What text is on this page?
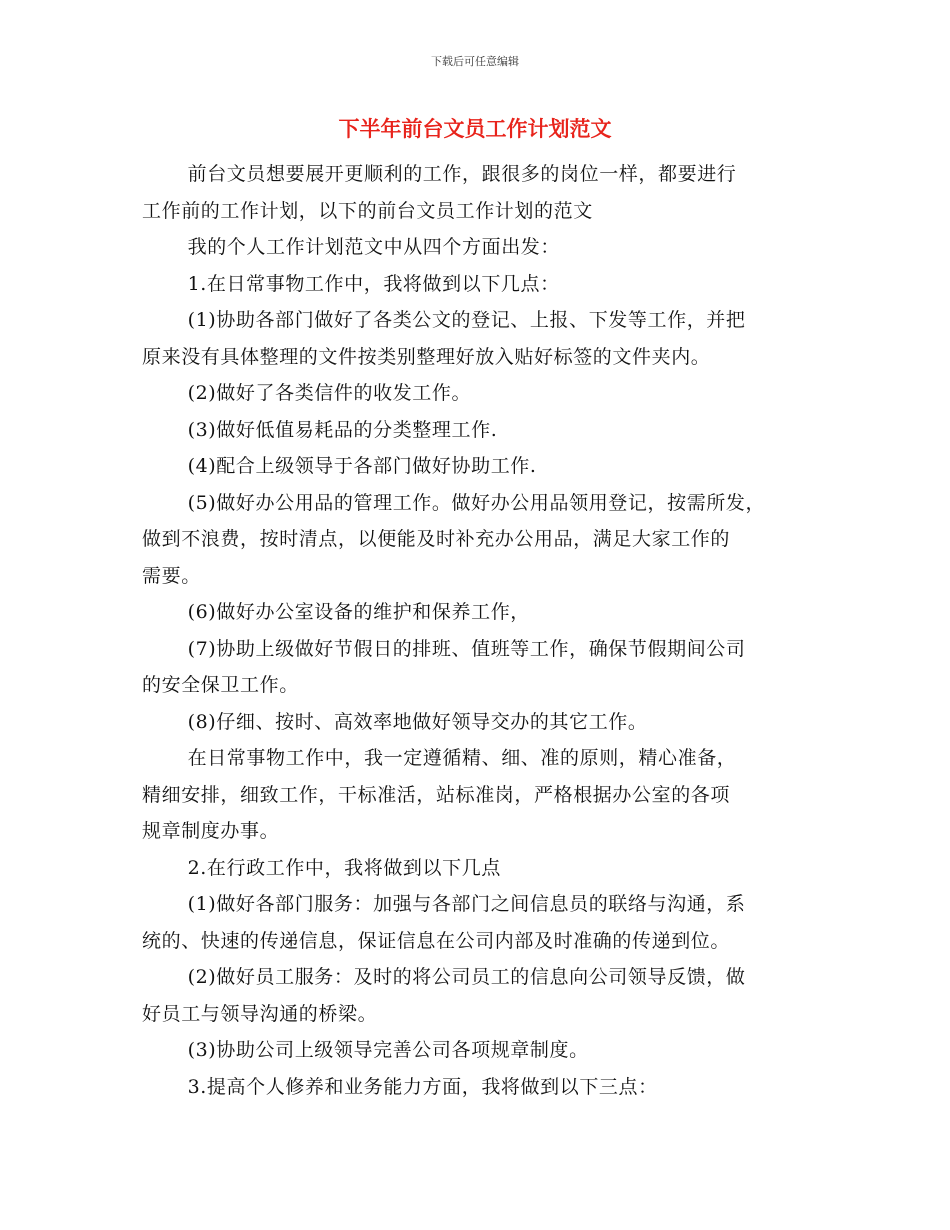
下载后可任意编辑
下半年前台文员工作计划范文

前台文员想要展开更顺利的工作，跟很多的岗位一样，都要进行
工作前的工作计划，以下的前台文员工作计划的范文

我的个人工作计划范文中从四个方面出发：

1.在日常事物工作中，我将做到以下几点：

(1)协助各部门做好了各类公文的登记、上报、下发等工作，并把
原来没有具体整理的文件按类别整理好放入贴好标签的文件夹内。

(2)做好了各类信件的收发工作。

(3)做好低值易耗品的分类整理工作.

(4)配合上级领导于各部门做好协助工作.

(5)做好办公用品的管理工作。做好办公用品领用登记，按需所发，
做到不浪费，按时清点，以便能及时补充办公用品，满足大家工作的
需要。

(6)做好办公室设备的维护和保养工作，

(7)协助上级做好节假日的排班、值班等工作，确保节假期间公司
的安全保卫工作。

(8)仔细、按时、高效率地做好领导交办的其它工作。

在日常事物工作中，我一定遵循精、细、准的原则，精心准备，
精细安排，细致工作，干标准活，站标准岗，严格根据办公室的各项
规章制度办事。

2.在行政工作中，我将做到以下几点

(1)做好各部门服务：加强与各部门之间信息员的联络与沟通，系
统的、快速的传递信息，保证信息在公司内部及时准确的传递到位。

(2)做好员工服务：及时的将公司员工的信息向公司领导反馈，做
好员工与领导沟通的桥梁。

(3)协助公司上级领导完善公司各项规章制度。

3.提高个人修养和业务能力方面，我将做到以下三点：
